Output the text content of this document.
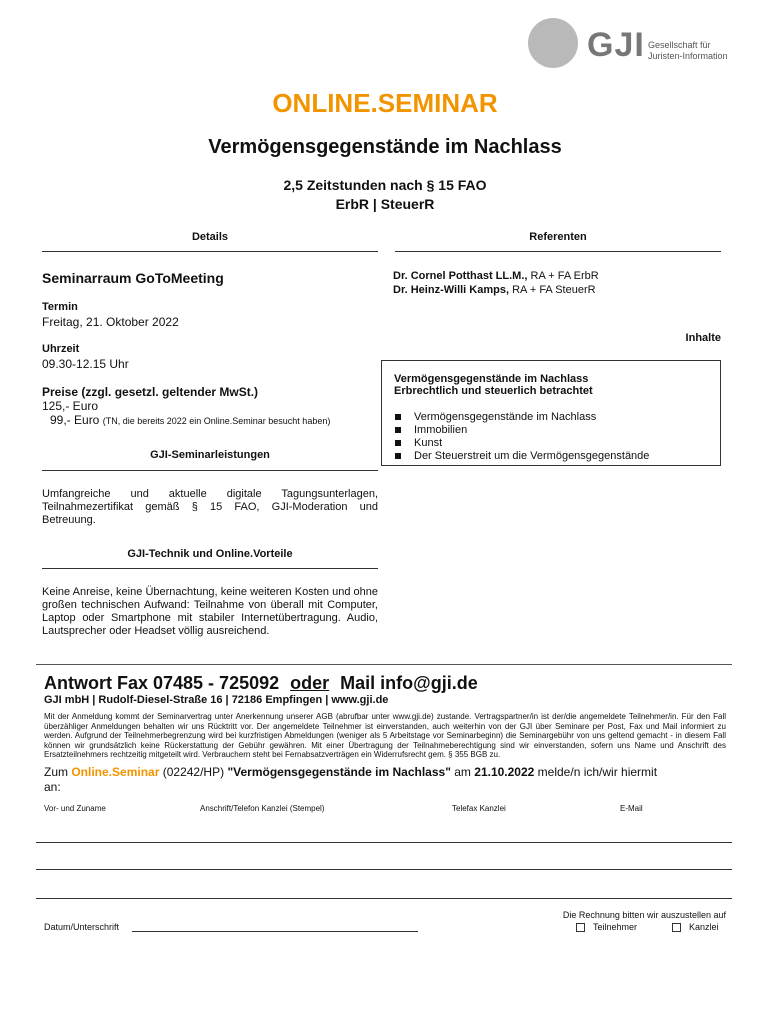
GJI Gesellschaft für
Juristen-Information
ONLINE.SEMINAR
Vermögensgegenstände im Nachlass
2,5 Zeitstunden nach § 15 FAO
ErbR | SteuerR
Details
Seminarraum GoToMeeting
Termin
Freitag, 21. Oktober 2022
Uhrzeit
09.30-12.15 Uhr
Preise (zzgl. gesetzl. geltender MwSt.)
125,- Euro
99,- Euro (TN, die bereits 2022 ein Online.Seminar besucht haben)
GJI-Seminarleistungen
Umfangreiche und aktuelle digitale Tagungsunterlagen, Teilnahmezertifikat gemäß § 15 FAO, GJI-Moderation und Betreuung.
GJI-Technik und Online.Vorteile
Keine Anreise, keine Übernachtung, keine weiteren Kosten und ohne großen technischen Aufwand: Teilnahme von überall mit Computer, Laptop oder Smartphone mit stabiler Internetübertragung. Audio, Lautsprecher oder Headset völlig ausreichend.
Referenten
Dr. Cornel Potthast LL.M., RA + FA ErbR
Dr. Heinz-Willi Kamps, RA + FA SteuerR
Inhalte
Vermögensgegenstände im Nachlass
Erbrechtlich und steuerlich betrachtet
Vermögensgegenstände im Nachlass
Immobilien
Kunst
Der Steuerstreit um die Vermögensgegenstände
Antwort Fax 07485 - 725092 oder Mail info@gji.de
GJI mbH | Rudolf-Diesel-Straße 16 | 72186 Empfingen | www.gji.de
Mit der Anmeldung kommt der Seminarvertrag unter Anerkennung unserer AGB (abrufbar unter www.gji.de) zustande. Vertragspartner/in ist der/die angemeldete Teilnehmer/in. Für den Fall überzähliger Anmeldungen behalten wir uns Rücktritt vor. Der angemeldete Teilnehmer ist einverstanden, auch weiterhin von der GJI über Seminare per Post, Fax und Mail informiert zu werden. Aufgrund der Teilnehmerbegrenzung wird bei kurzfristigen Abmeldungen (weniger als 5 Arbeitstage vor Seminarbeginn) die Seminargebühr von uns geltend gemacht - in diesem Fall können wir grundsätzlich keine Rückerstattung der Gebühr gewähren. Mit einer Übertragung der Teilnahmeberechtigung sind wir einverstanden, sofern uns Name und Anschrift des Ersatzteilnehmers rechtzeitig mitgeteilt wird. Verbrauchern steht bei Fernabsatzverträgen ein Widerrufsrecht gem. § 355 BGB zu.
Zum Online.Seminar (02242/HP) "Vermögensgegenstände im Nachlass" am 21.10.2022 melde/n ich/wir hiermit
an:
Vor- und Zuname	Anschrift/Telefon Kanzlei (Stempel)	Telefax Kanzlei	E-Mail
Datum/Unterschrift
Die Rechnung bitten wir auszustellen auf
Teilnehmer	Kanzlei
